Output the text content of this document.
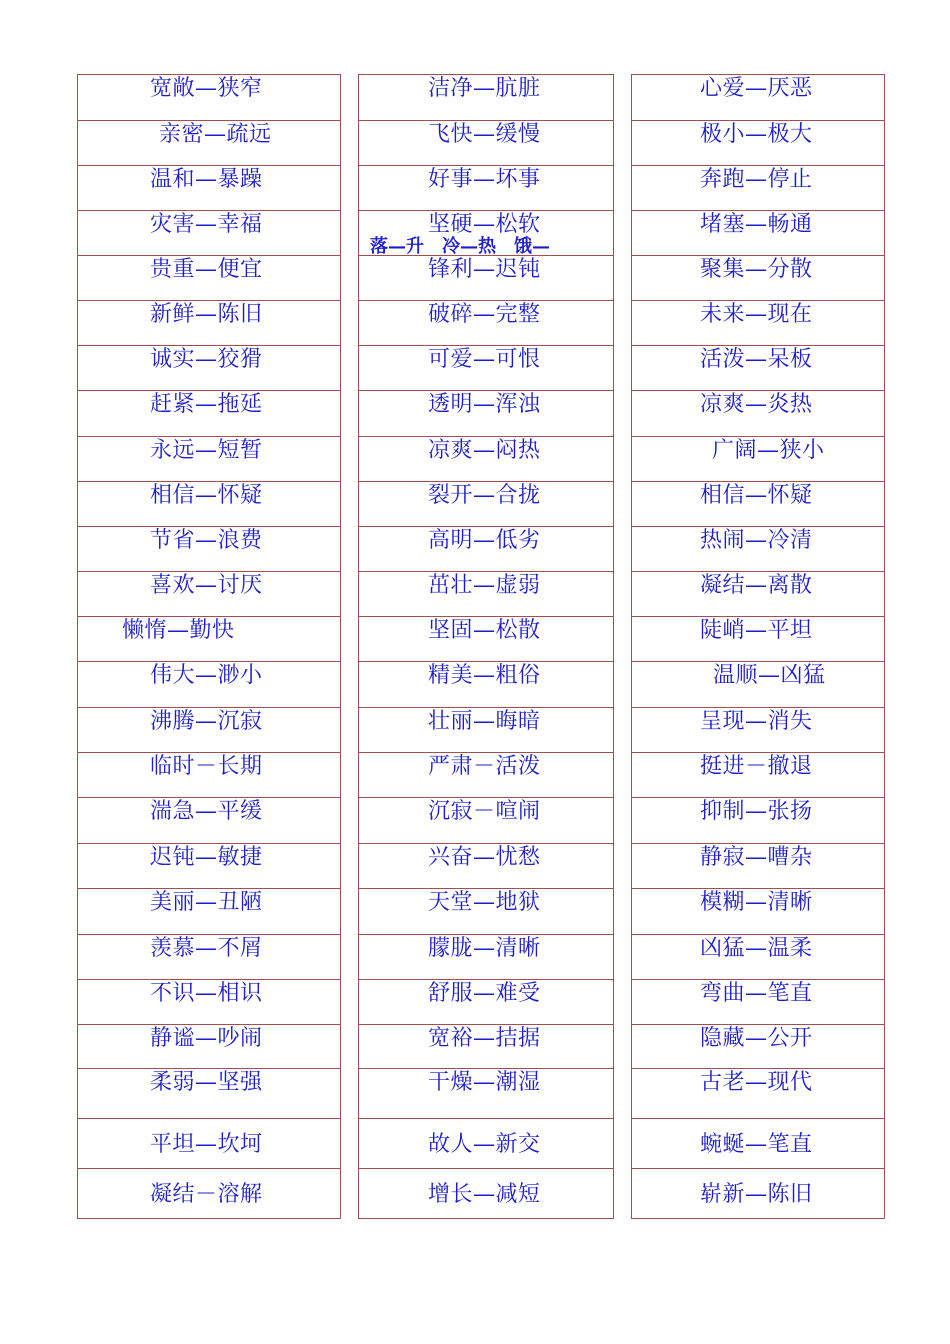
宽敞—狭窄
亲密—疏远
温和—暴躁
灾害—幸福
贵重—便宜
新鲜—陈旧
诚实—狡猾
赶紧—拖延
永远—短暂
相信—怀疑
节省—浪费
喜欢—讨厌
懒惰—勤快
伟大—渺小
沸腾—沉寂
临时－长期
湍急—平缓
迟钝—敏捷
美丽—丑陋
羡慕—不屑
不识—相识
静谧—吵闹
柔弱—坚强
平坦—坎坷
凝结－溶解
洁净—肮脏
飞快—缓慢
好事—坏事
坚硬—松软
锋利—迟钝
破碎—完整
可爱—可恨
透明—浑浊
凉爽—闷热
裂开—合拢
高明—低劣
茁壮—虚弱
坚固—松散
精美—粗俗
壮丽—晦暗
严肃－活泼
沉寂－喧闹
兴奋—忧愁
天堂—地狱
朦胧—清晰
舒服—难受
宽裕—拮据
干燥—潮湿
故人—新交
增长—减短
心爱—厌恶
极小—极大
奔跑—停止
堵塞—畅通
聚集—分散
未来—现在
活泼—呆板
凉爽—炎热
广阔—狭小
相信—怀疑
热闹—冷清
凝结—离散
陡峭—平坦
温顺—凶猛
呈现—消失
挺进－撤退
抑制—张扬
静寂—嘈杂
模糊—清晰
凶猛—温柔
弯曲—笔直
隐藏—公开
古老—现代
蜿蜒—笔直
崭新—陈旧
落—升　冷—热　饿—
